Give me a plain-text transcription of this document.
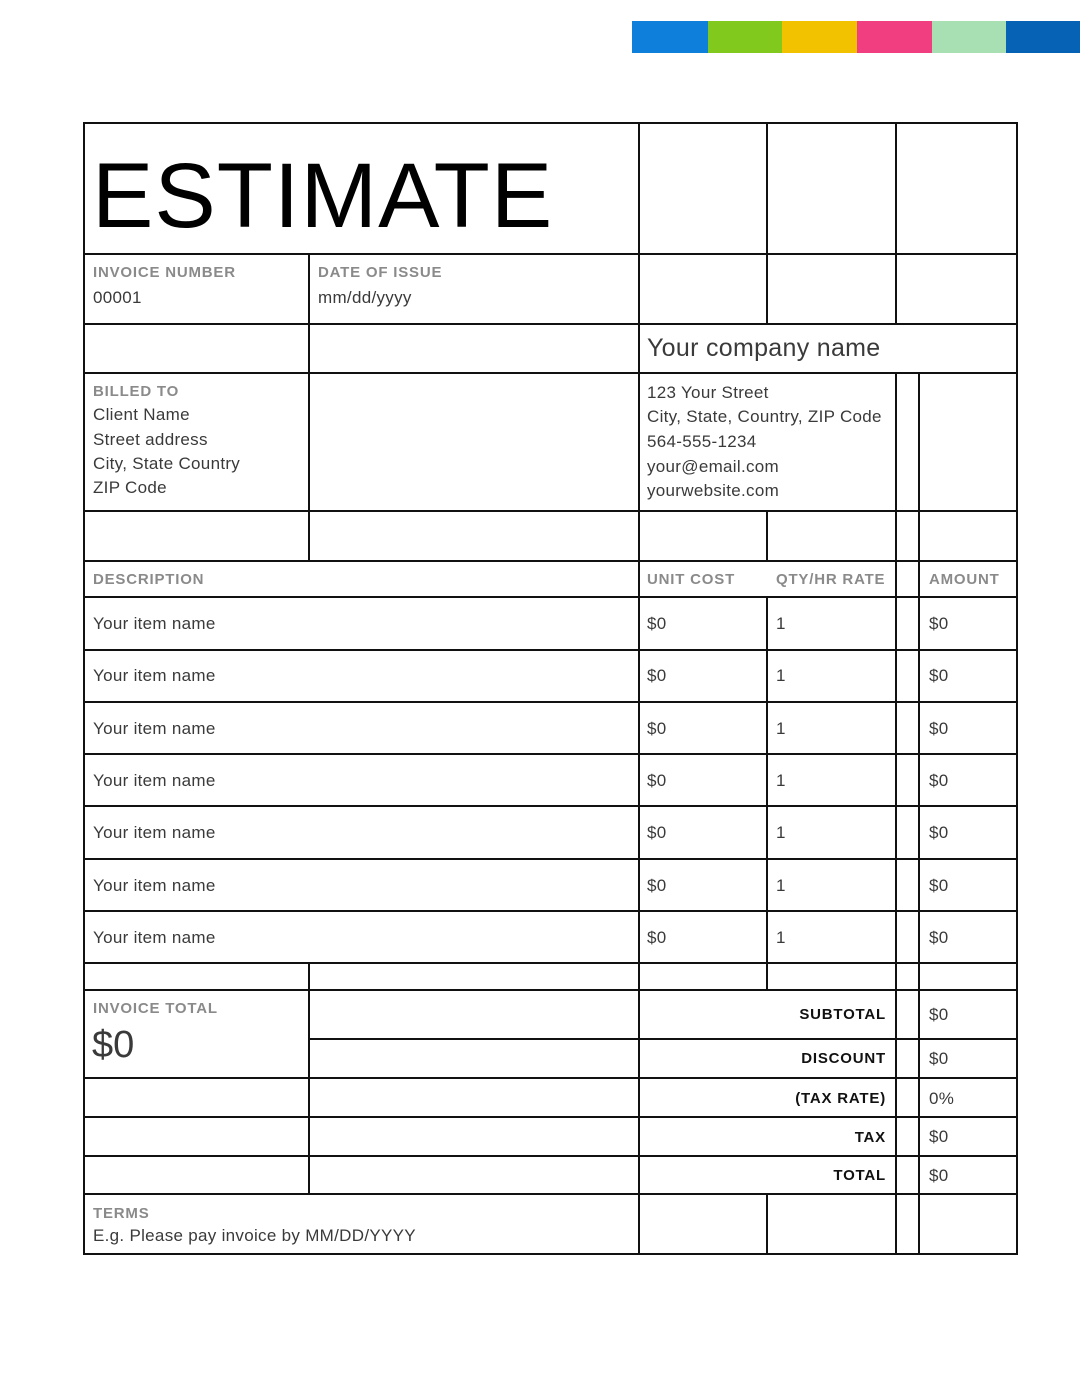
ESTIMATE
INVOICE NUMBER
00001
DATE OF ISSUE
mm/dd/yyyy
Your company name
123 Your Street
City, State, Country, ZIP Code
564-555-1234
your@email.com
yourwebsite.com
BILLED TO
Client Name
Street address
City, State Country
ZIP Code
DESCRIPTION	UNIT COST	QTY/HR RATE	AMOUNT
Your item name	$0	1	$0
Your item name	$0	1	$0
Your item name	$0	1	$0
Your item name	$0	1	$0
Your item name	$0	1	$0
Your item name	$0	1	$0
Your item name	$0	1	$0
INVOICE TOTAL
$0
SUBTOTAL	$0
DISCOUNT	$0
(TAX RATE)	0%
TAX	$0
TOTAL	$0
TERMS
E.g. Please pay invoice by MM/DD/YYYY
